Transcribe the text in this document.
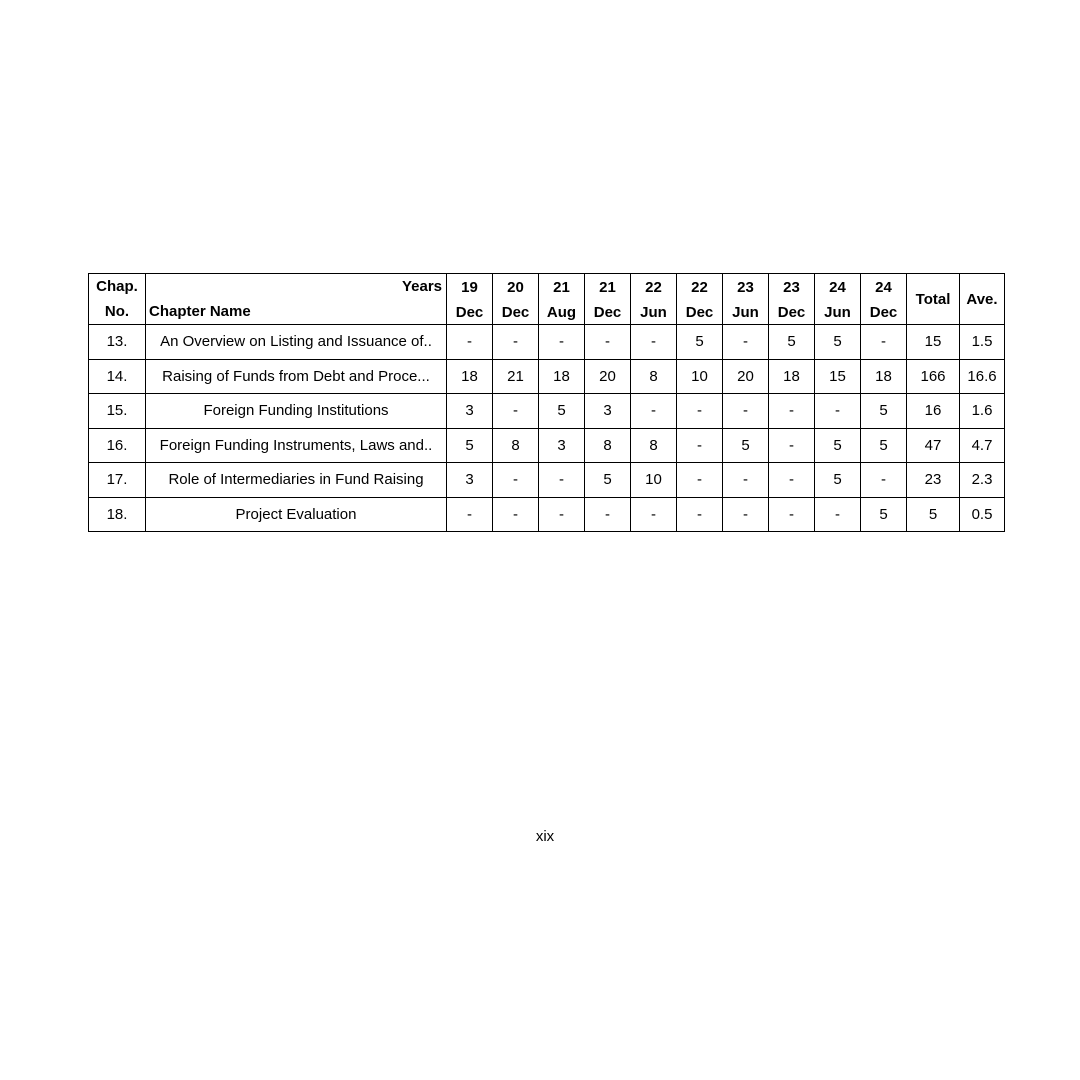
Chap.	Years	19	20	21	21	22	22	23	23	24	24	Total	Ave.
No.	Chapter Name	Dec	Dec	Aug	Dec	Jun	Dec	Jun	Dec	Jun	Dec		
13.	An Overview on Listing and Issuance of..	-	-	-	-	-	5	-	5	5	-	15	1.5
14.	Raising of Funds from Debt and Proce...	18	21	18	20	8	10	20	18	15	18	166	16.6
15.	Foreign Funding Institutions	3	-	5	3	-	-	-	-	-	5	16	1.6
16.	Foreign Funding Instruments, Laws and..	5	8	3	8	8	-	5	-	5	5	47	4.7
17.	Role of Intermediaries in Fund Raising	3	-	-	5	10	-	-	-	5	-	23	2.3
18.	Project Evaluation	-	-	-	-	-	-	-	-	-	5	5	0.5
xix
